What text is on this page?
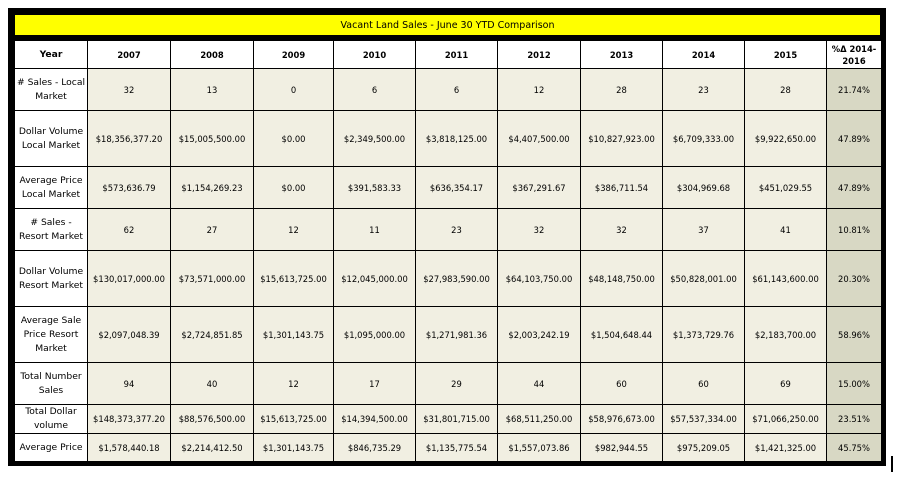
Vacant Land Sales - June 30 YTD Comparison
Year	2007	2008	2009	2010	2011	2012	2013	2014	2015	%Δ 2014-2016
# Sales - Local Market	32	13	0	6	6	12	28	23	28	21.74%
Dollar Volume Local Market	$18,356,377.20	$15,005,500.00	$0.00	$2,349,500.00	$3,818,125.00	$4,407,500.00	$10,827,923.00	$6,709,333.00	$9,922,650.00	47.89%
Average Price Local Market	$573,636.79	$1,154,269.23	$0.00	$391,583.33	$636,354.17	$367,291.67	$386,711.54	$304,969.68	$451,029.55	47.89%
# Sales - Resort Market	62	27	12	11	23	32	32	37	41	10.81%
Dollar Volume Resort Market	$130,017,000.00	$73,571,000.00	$15,613,725.00	$12,045,000.00	$27,983,590.00	$64,103,750.00	$48,148,750.00	$50,828,001.00	$61,143,600.00	20.30%
Average Sale Price Resort Market	$2,097,048.39	$2,724,851.85	$1,301,143.75	$1,095,000.00	$1,271,981.36	$2,003,242.19	$1,504,648.44	$1,373,729.76	$2,183,700.00	58.96%
Total Number Sales	94	40	12	17	29	44	60	60	69	15.00%
Total Dollar volume	$148,373,377.20	$88,576,500.00	$15,613,725.00	$14,394,500.00	$31,801,715.00	$68,511,250.00	$58,976,673.00	$57,537,334.00	$71,066,250.00	23.51%
Average Price	$1,578,440.18	$2,214,412.50	$1,301,143.75	$846,735.29	$1,135,775.54	$1,557,073.86	$982,944.55	$975,209.05	$1,421,325.00	45.75%
